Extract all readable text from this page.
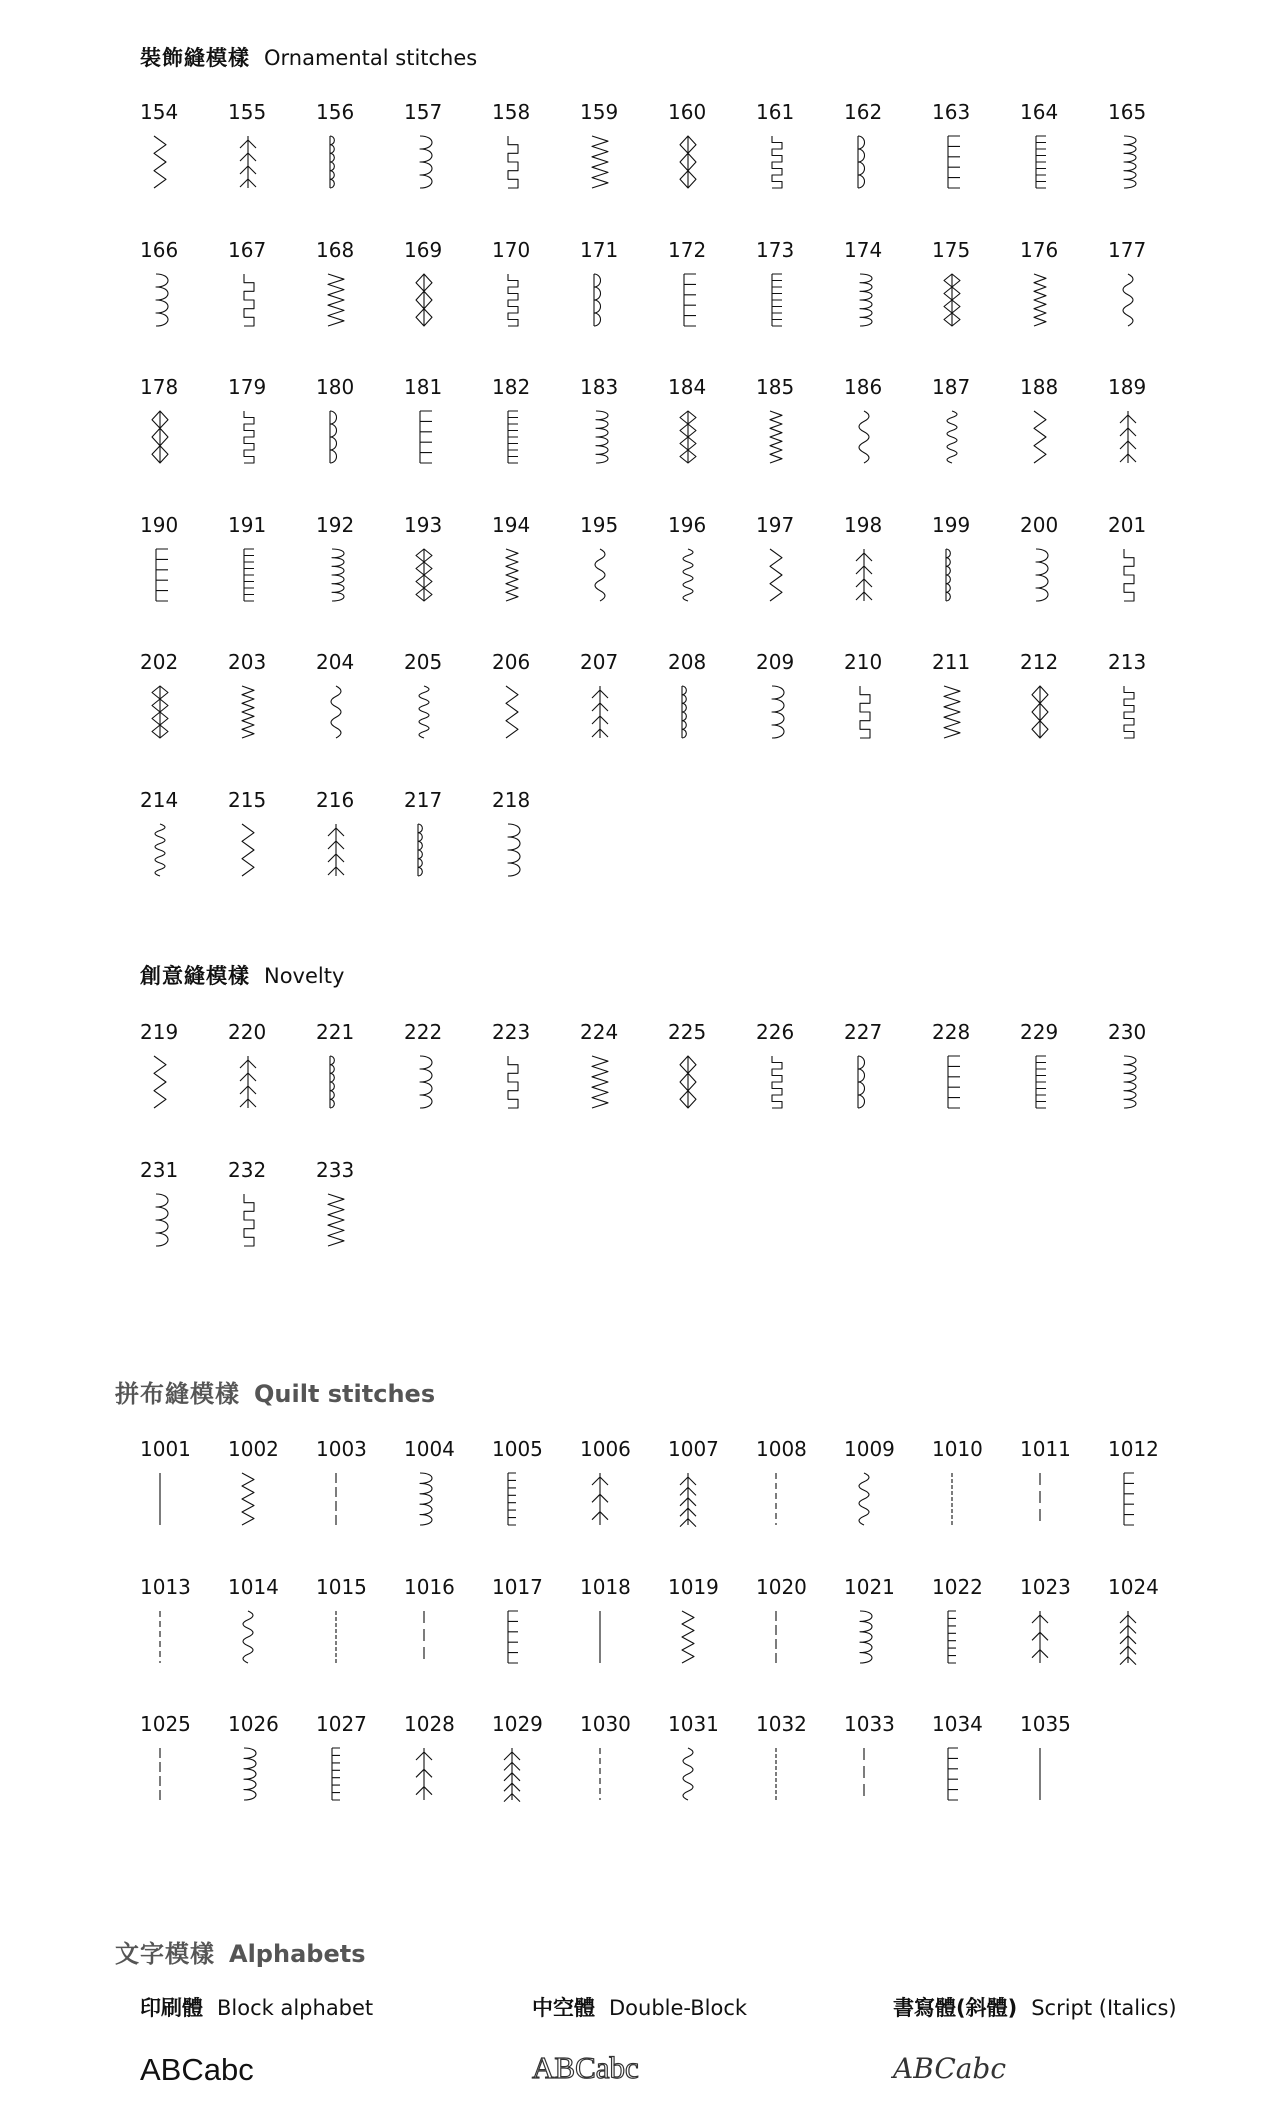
裝飾縫模樣 Ornamental stitches
154 155 156 157 158 159 160 161 162 163 164 165
166 167 168 169 170 171 172 173 174 175 176 177
178 179 180 181 182 183 184 185 186 187 188 189
190 191 192 193 194 195 196 197 198 199 200 201
202 203 204 205 206 207 208 209 210 211 212 213
214 215 216 217 218
創意縫模樣 Novelty
219 220 221 222 223 224 225 226 227 228 229 230
231 232 233
拼布縫模樣 Quilt stitches
1001 1002 1003 1004 1005 1006 1007 1008 1009 1010 1011 1012
1013 1014 1015 1016 1017 1018 1019 1020 1021 1022 1023 1024
1025 1026 1027 1028 1029 1030 1031 1032 1033 1034 1035
文字模樣 Alphabets
印刷體 Block alphabet
ABCabc
中空體 Double-Block
ABCabc
書寫體(斜體) Script (Italics)
ABCabc
